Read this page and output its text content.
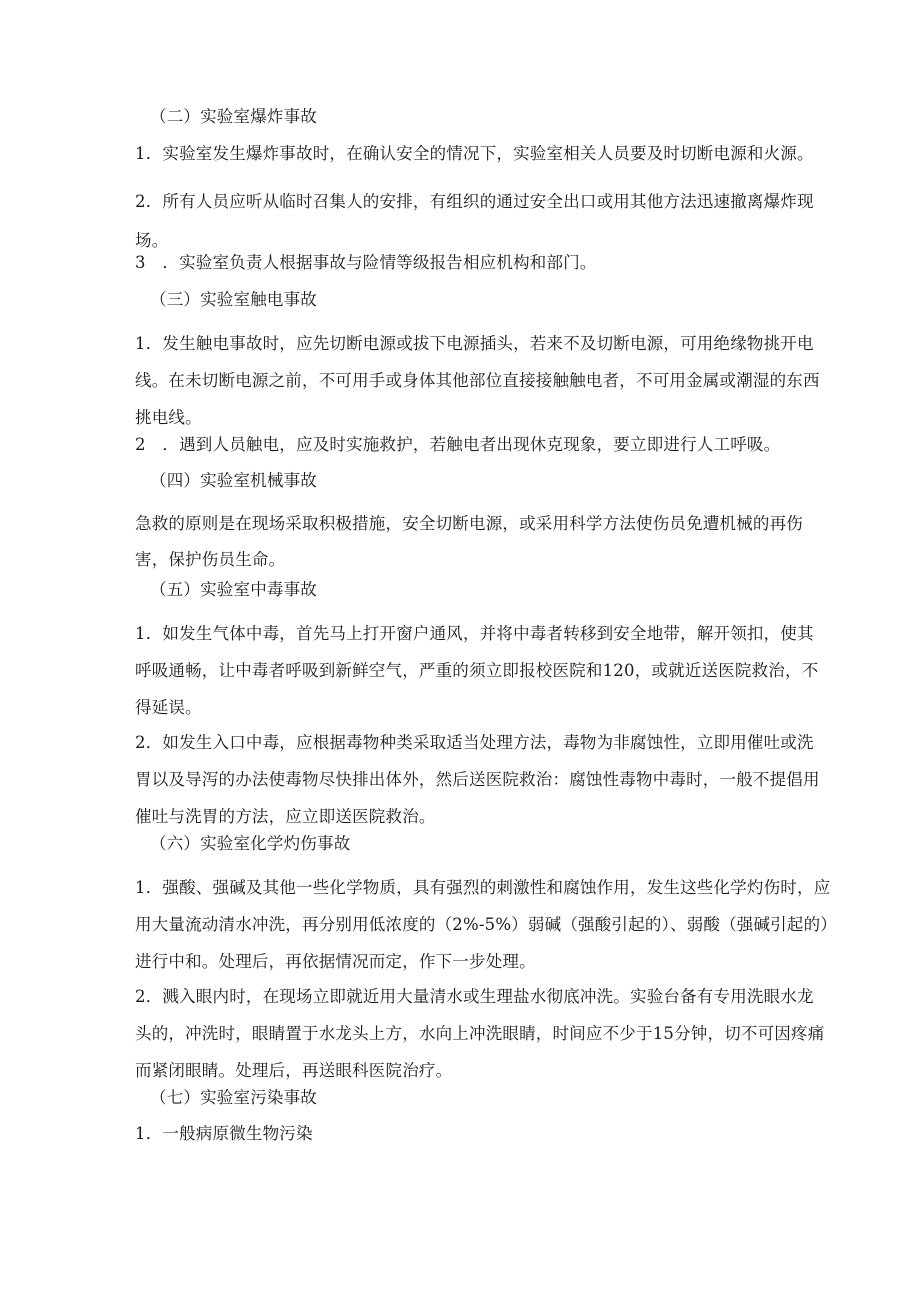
（二）实验室爆炸事故
1．实验室发生爆炸事故时，在确认安全的情况下，实验室相关人员要及时切断电源和火源。
2．所有人员应听从临时召集人的安排，有组织的通过安全出口或用其他方法迅速撤离爆炸现场。
3　．实验室负责人根据事故与险情等级报告相应机构和部门。
（三）实验室触电事故
1．发生触电事故时，应先切断电源或拔下电源插头，若来不及切断电源，可用绝缘物挑开电线。在未切断电源之前，不可用手或身体其他部位直接接触触电者，不可用金属或潮湿的东西挑电线。
2　．遇到人员触电，应及时实施救护，若触电者出现休克现象，要立即进行人工呼吸。
（四）实验室机械事故
急救的原则是在现场采取积极措施，安全切断电源，或采用科学方法使伤员免遭机械的再伤害，保护伤员生命。
（五）实验室中毒事故
1．如发生气体中毒，首先马上打开窗户通风，并将中毒者转移到安全地带，解开领扣，使其呼吸通畅，让中毒者呼吸到新鲜空气，严重的须立即报校医院和120，或就近送医院救治，不得延误。
2．如发生入口中毒，应根据毒物种类采取适当处理方法，毒物为非腐蚀性，立即用催吐或洗胃以及导泻的办法使毒物尽快排出体外，然后送医院救治：腐蚀性毒物中毒时，一般不提倡用催吐与洗胃的方法，应立即送医院救治。
（六）实验室化学灼伤事故
1．强酸、强碱及其他一些化学物质，具有强烈的刺激性和腐蚀作用，发生这些化学灼伤时，应用大量流动清水冲洗，再分别用低浓度的（2%-5%）弱碱（强酸引起的）、弱酸（强碱引起的）进行中和。处理后，再依据情况而定，作下一步处理。
2．溅入眼内时，在现场立即就近用大量清水或生理盐水彻底冲洗。实验台备有专用洗眼水龙头的，冲洗时，眼睛置于水龙头上方，水向上冲洗眼睛，时间应不少于15分钟，切不可因疼痛而紧闭眼睛。处理后，再送眼科医院治疗。
（七）实验室污染事故
1．一般病原微生物污染
